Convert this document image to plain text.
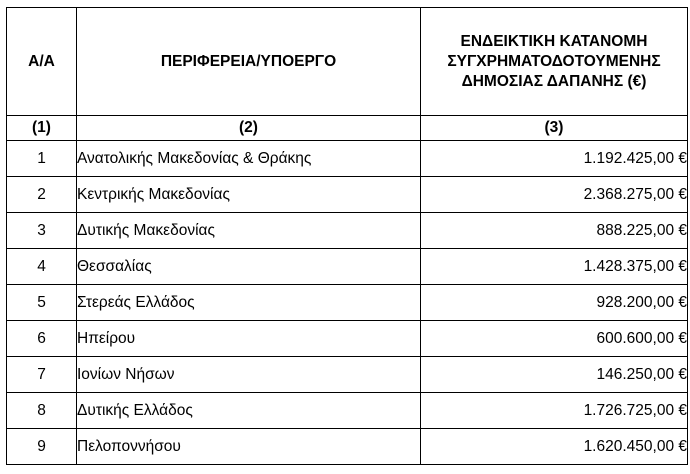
Α/Α	ΠΕΡΙΦΕΡΕΙΑ/ΥΠΟΕΡΓΟ	ΕΝΔΕΙΚΤΙΚΗ ΚΑΤΑΝΟΜΗ
ΣΥΓΧΡΗΜΑΤΟΔΟΤΟΥΜΕΝΗΣ
ΔΗΜΟΣΙΑΣ ΔΑΠΑΝΗΣ (€)

(1)	(2)	(3)
1	Ανατολικής Μακεδονίας & Θράκης	1.192.425,00 €
2	Κεντρικής Μακεδονίας	2.368.275,00 €
3	Δυτικής Μακεδονίας	888.225,00 €
4	Θεσσαλίας	1.428.375,00 €
5	Στερεάς Ελλάδος	928.200,00 €
6	Ηπείρου	600.600,00 €
7	Ιονίων Νήσων	146.250,00 €
8	Δυτικής Ελλάδος	1.726.725,00 €
9	Πελοποννήσου	1.620.450,00 €
